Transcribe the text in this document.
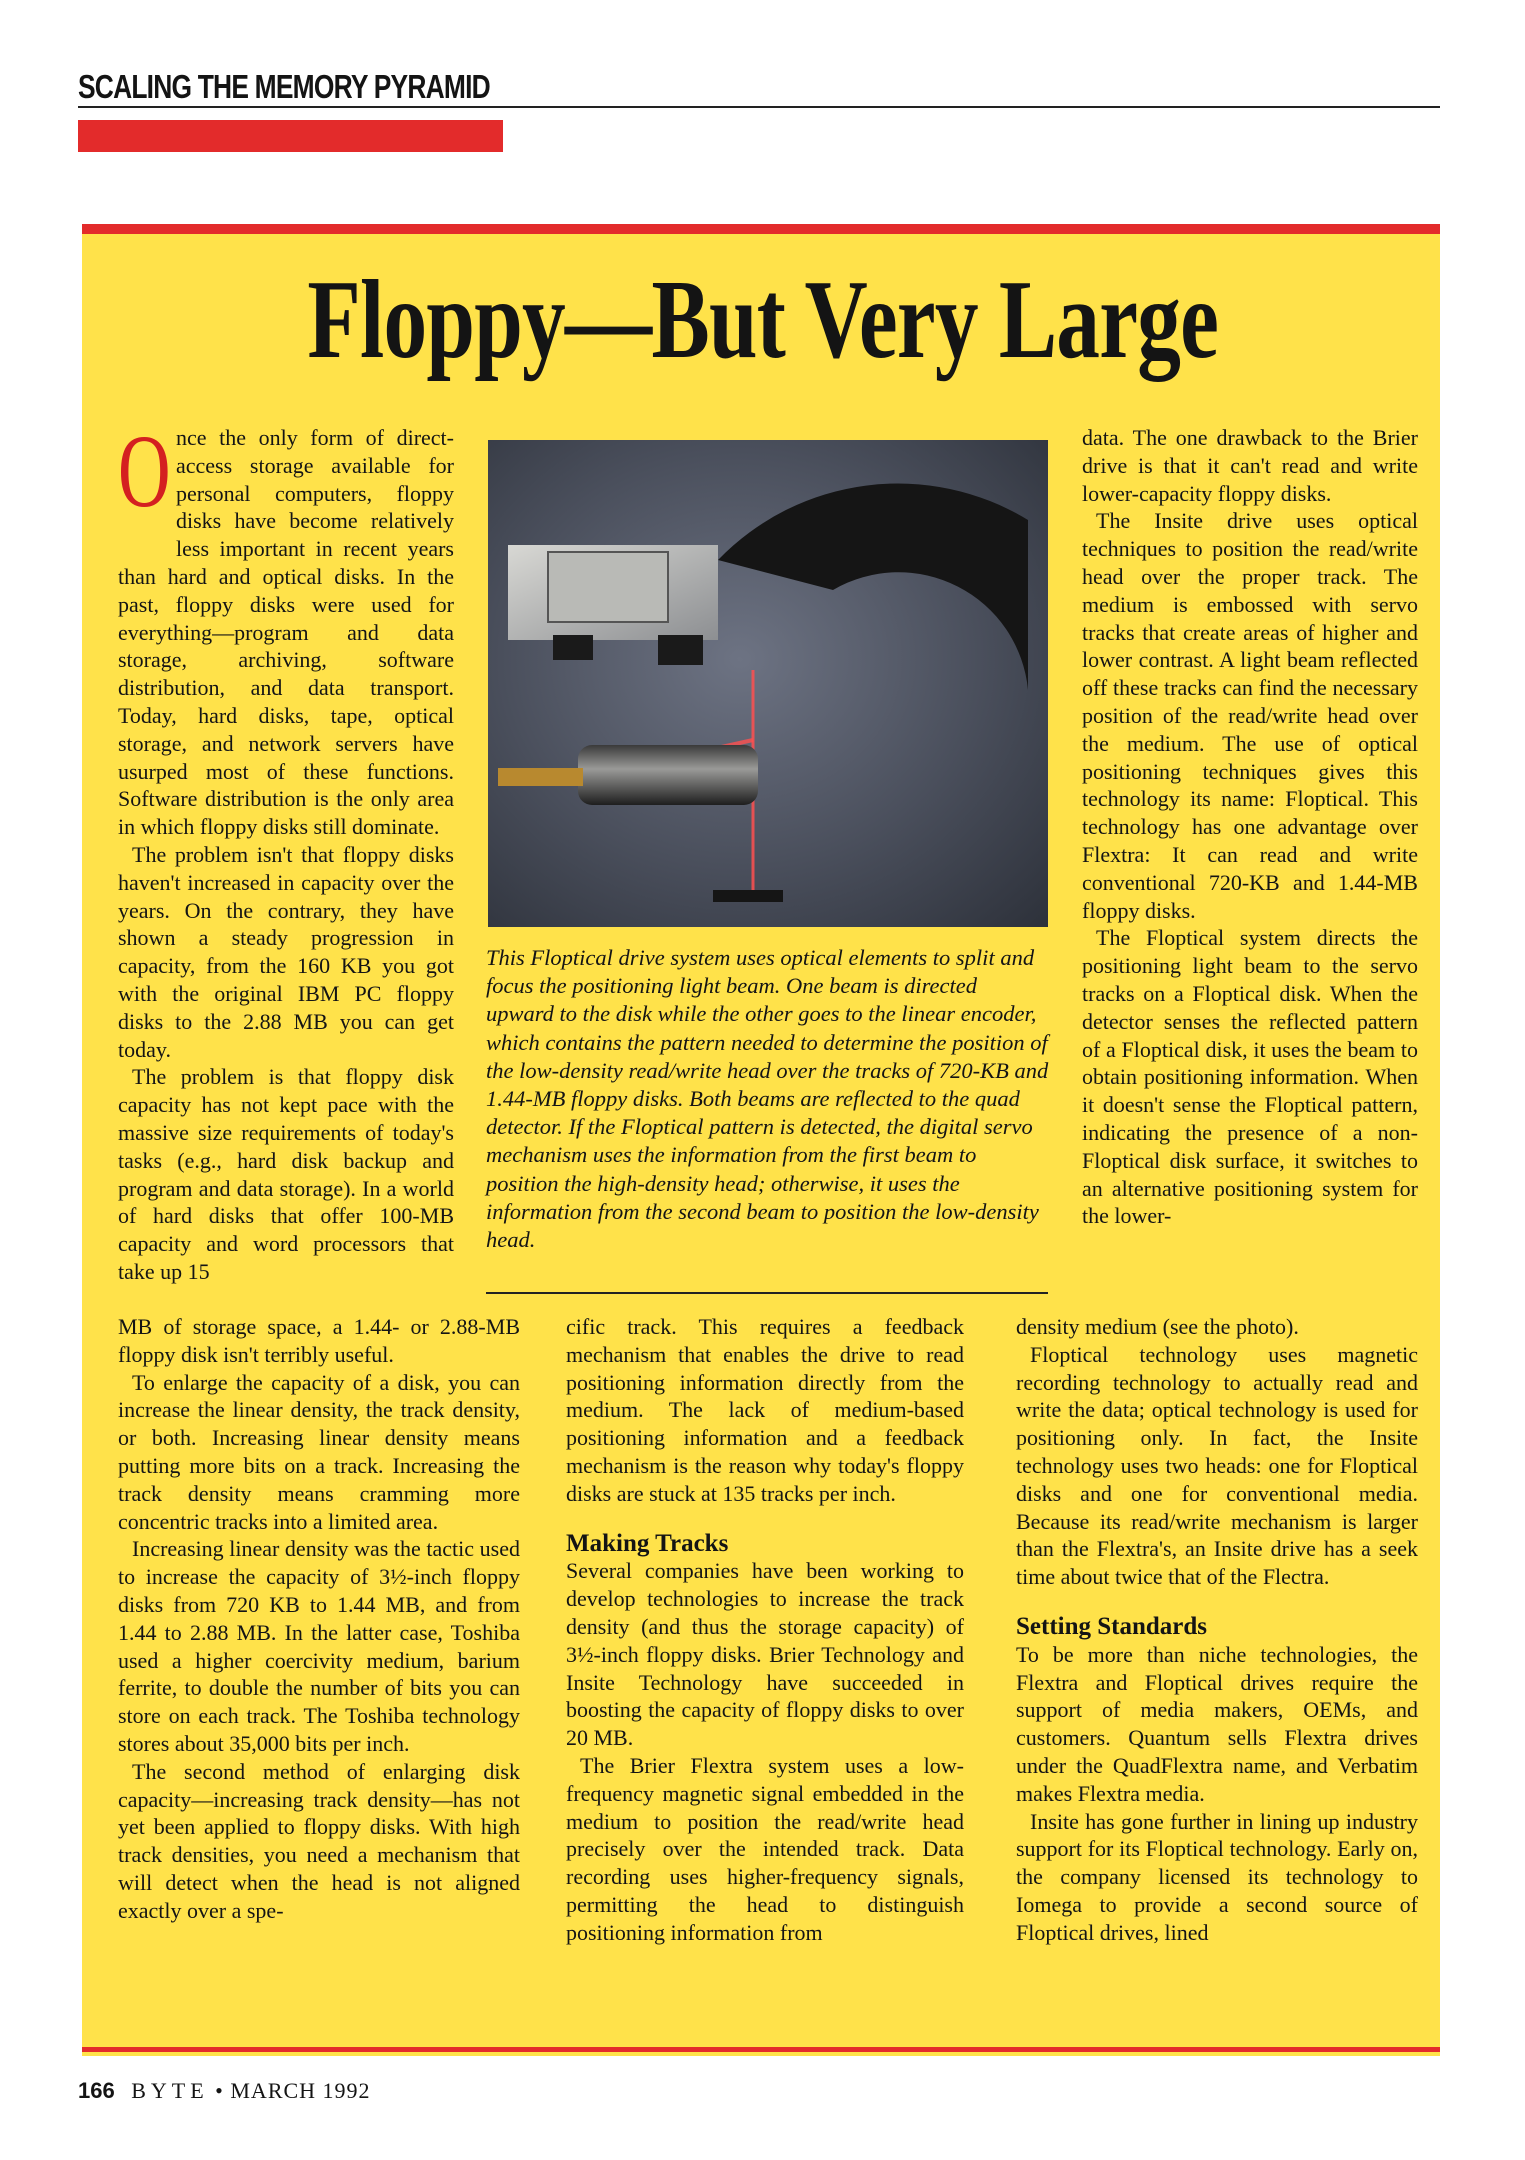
SCALING THE MEMORY PYRAMID
Floppy—But Very Large

Once the only form of direct-access storage available for personal computers, floppy disks have become relatively less important in recent years than hard and optical disks. In the past, floppy disks were used for everything—program and data storage, archiving, software distribution, and data transport. Today, hard disks, tape, optical storage, and network servers have usurped most of these functions. Software distribution is the only area in which floppy disks still dominate.

The problem isn't that floppy disks haven't increased in capacity over the years. On the contrary, they have shown a steady progression in capacity, from the 160 KB you got with the original IBM PC floppy disks to the 2.88 MB you can get today.

The problem is that floppy disk capacity has not kept pace with the massive size requirements of today's tasks (e.g., hard disk backup and program and data storage). In a world of hard disks that offer 100-MB capacity and word processors that take up 15

MB of storage space, a 1.44- or 2.88-MB floppy disk isn't terribly useful.

To enlarge the capacity of a disk, you can increase the linear density, the track density, or both. Increasing linear density means putting more bits on a track. Increasing the track density means cramming more concentric tracks into a limited area.

Increasing linear density was the tactic used to increase the capacity of 3½-inch floppy disks from 720 KB to 1.44 MB, and from 1.44 to 2.88 MB. In the latter case, Toshiba used a higher coercivity medium, barium ferrite, to double the number of bits you can store on each track. The Toshiba technology stores about 35,000 bits per inch.

The second method of enlarging disk capacity—increasing track density—has not yet been applied to floppy disks. With high track densities, you need a mechanism that will detect when the head is not aligned exactly over a spe-

This Floptical drive system uses optical elements to split and focus the positioning light beam. One beam is directed upward to the disk while the other goes to the linear encoder, which contains the pattern needed to determine the position of the low-density read/write head over the tracks of 720-KB and 1.44-MB floppy disks. Both beams are reflected to the quad detector. If the Floptical pattern is detected, the digital servo mechanism uses the information from the first beam to position the high-density head; otherwise, it uses the information from the second beam to position the low-density head.

cific track. This requires a feedback mechanism that enables the drive to read positioning information directly from the medium. The lack of medium-based positioning information and a feedback mechanism is the reason why today's floppy disks are stuck at 135 tracks per inch.

Making Tracks

Several companies have been working to develop technologies to increase the track density (and thus the storage capacity) of 3½-inch floppy disks. Brier Technology and Insite Technology have succeeded in boosting the capacity of floppy disks to over 20 MB.

The Brier Flextra system uses a low-frequency magnetic signal embedded in the medium to position the read/write head precisely over the intended track. Data recording uses higher-frequency signals, permitting the head to distinguish positioning information from

data. The one drawback to the Brier drive is that it can't read and write lower-capacity floppy disks.

The Insite drive uses optical techniques to position the read/write head over the proper track. The medium is embossed with servo tracks that create areas of higher and lower contrast. A light beam reflected off these tracks can find the necessary position of the read/write head over the medium. The use of optical positioning techniques gives this technology its name: Floptical. This technology has one advantage over Flextra: It can read and write conventional 720-KB and 1.44-MB floppy disks.

The Floptical system directs the positioning light beam to the servo tracks on a Floptical disk. When the detector senses the reflected pattern of a Floptical disk, it uses the beam to obtain positioning information. When it doesn't sense the Floptical pattern, indicating the presence of a non-Floptical disk surface, it switches to an alternative positioning system for the lower-

density medium (see the photo).

Floptical technology uses magnetic recording technology to actually read and write the data; optical technology is used for positioning only. In fact, the Insite technology uses two heads: one for Floptical disks and one for conventional media. Because its read/write mechanism is larger than the Flextra's, an Insite drive has a seek time about twice that of the Flectra.

Setting Standards

To be more than niche technologies, the Flextra and Floptical drives require the support of media makers, OEMs, and customers. Quantum sells Flextra drives under the QuadFlextra name, and Verbatim makes Flextra media.

Insite has gone further in lining up industry support for its Floptical technology. Early on, the company licensed its technology to Iomega to provide a second source of Floptical drives, lined

166 BYTE • MARCH 1992
